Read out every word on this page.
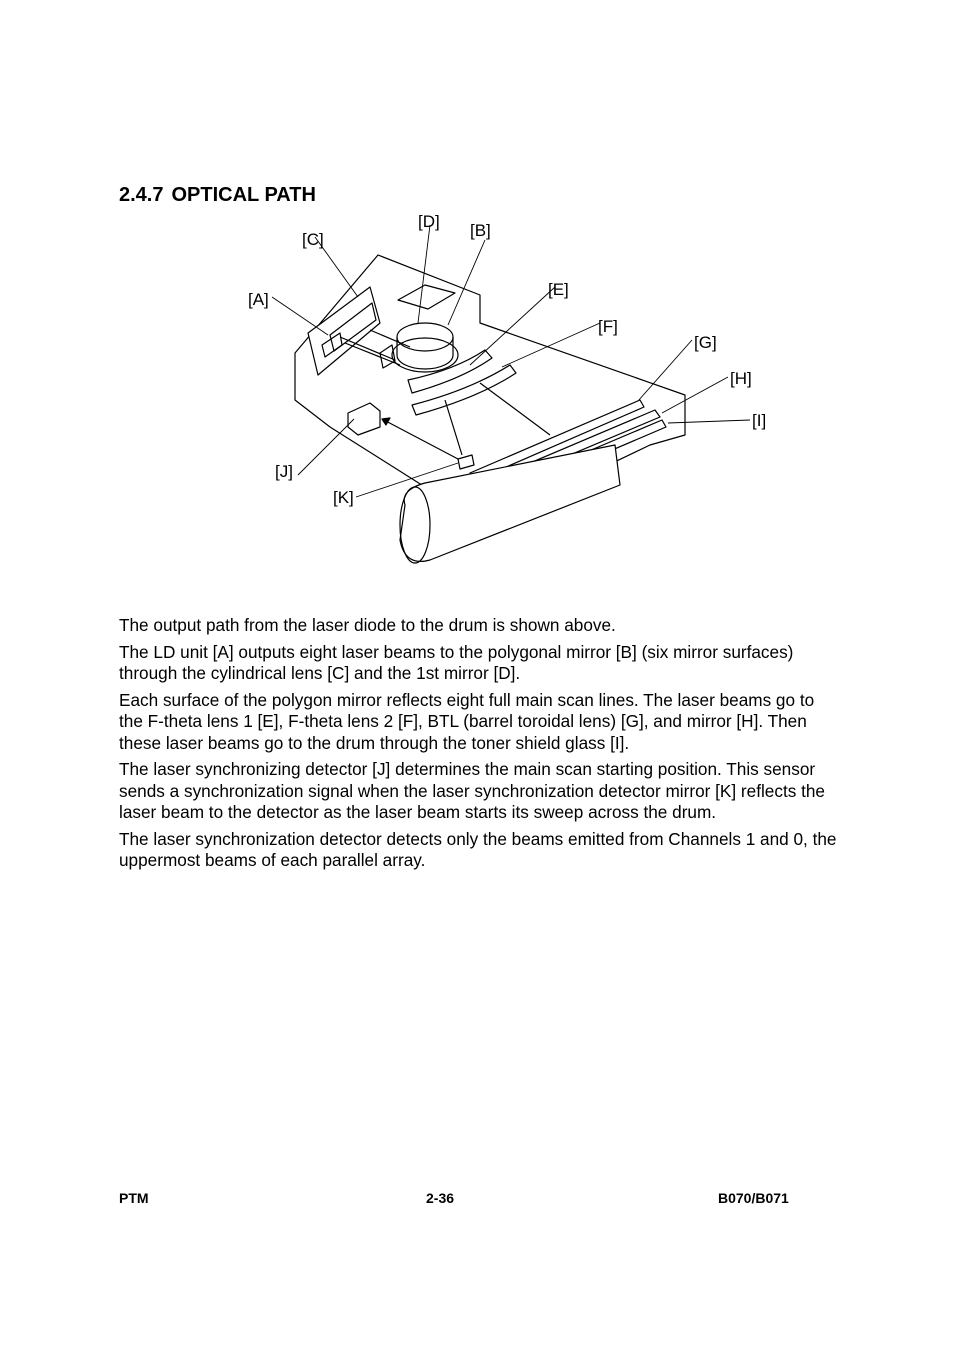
2.4.7 OPTICAL PATH
[C]
[D] [B]
[A]
[E]
[F]
[G]
[H]
[I]
[J]
[K]

The output path from the laser diode to the drum is shown above.

The LD unit [A] outputs eight laser beams to the polygonal mirror [B] (six mirror surfaces) through the cylindrical lens [C] and the 1st mirror [D].

Each surface of the polygon mirror reflects eight full main scan lines. The laser beams go to the F-theta lens 1 [E], F-theta lens 2 [F], BTL (barrel toroidal lens) [G], and mirror [H]. Then these laser beams go to the drum through the toner shield glass [I].

The laser synchronizing detector [J] determines the main scan starting position. This sensor sends a synchronization signal when the laser synchronization detector mirror [K] reflects the laser beam to the detector as the laser beam starts its sweep across the drum.

The laser synchronization detector detects only the beams emitted from Channels 1 and 0, the uppermost beams of each parallel array.

PTM	2-36	B070/B071
